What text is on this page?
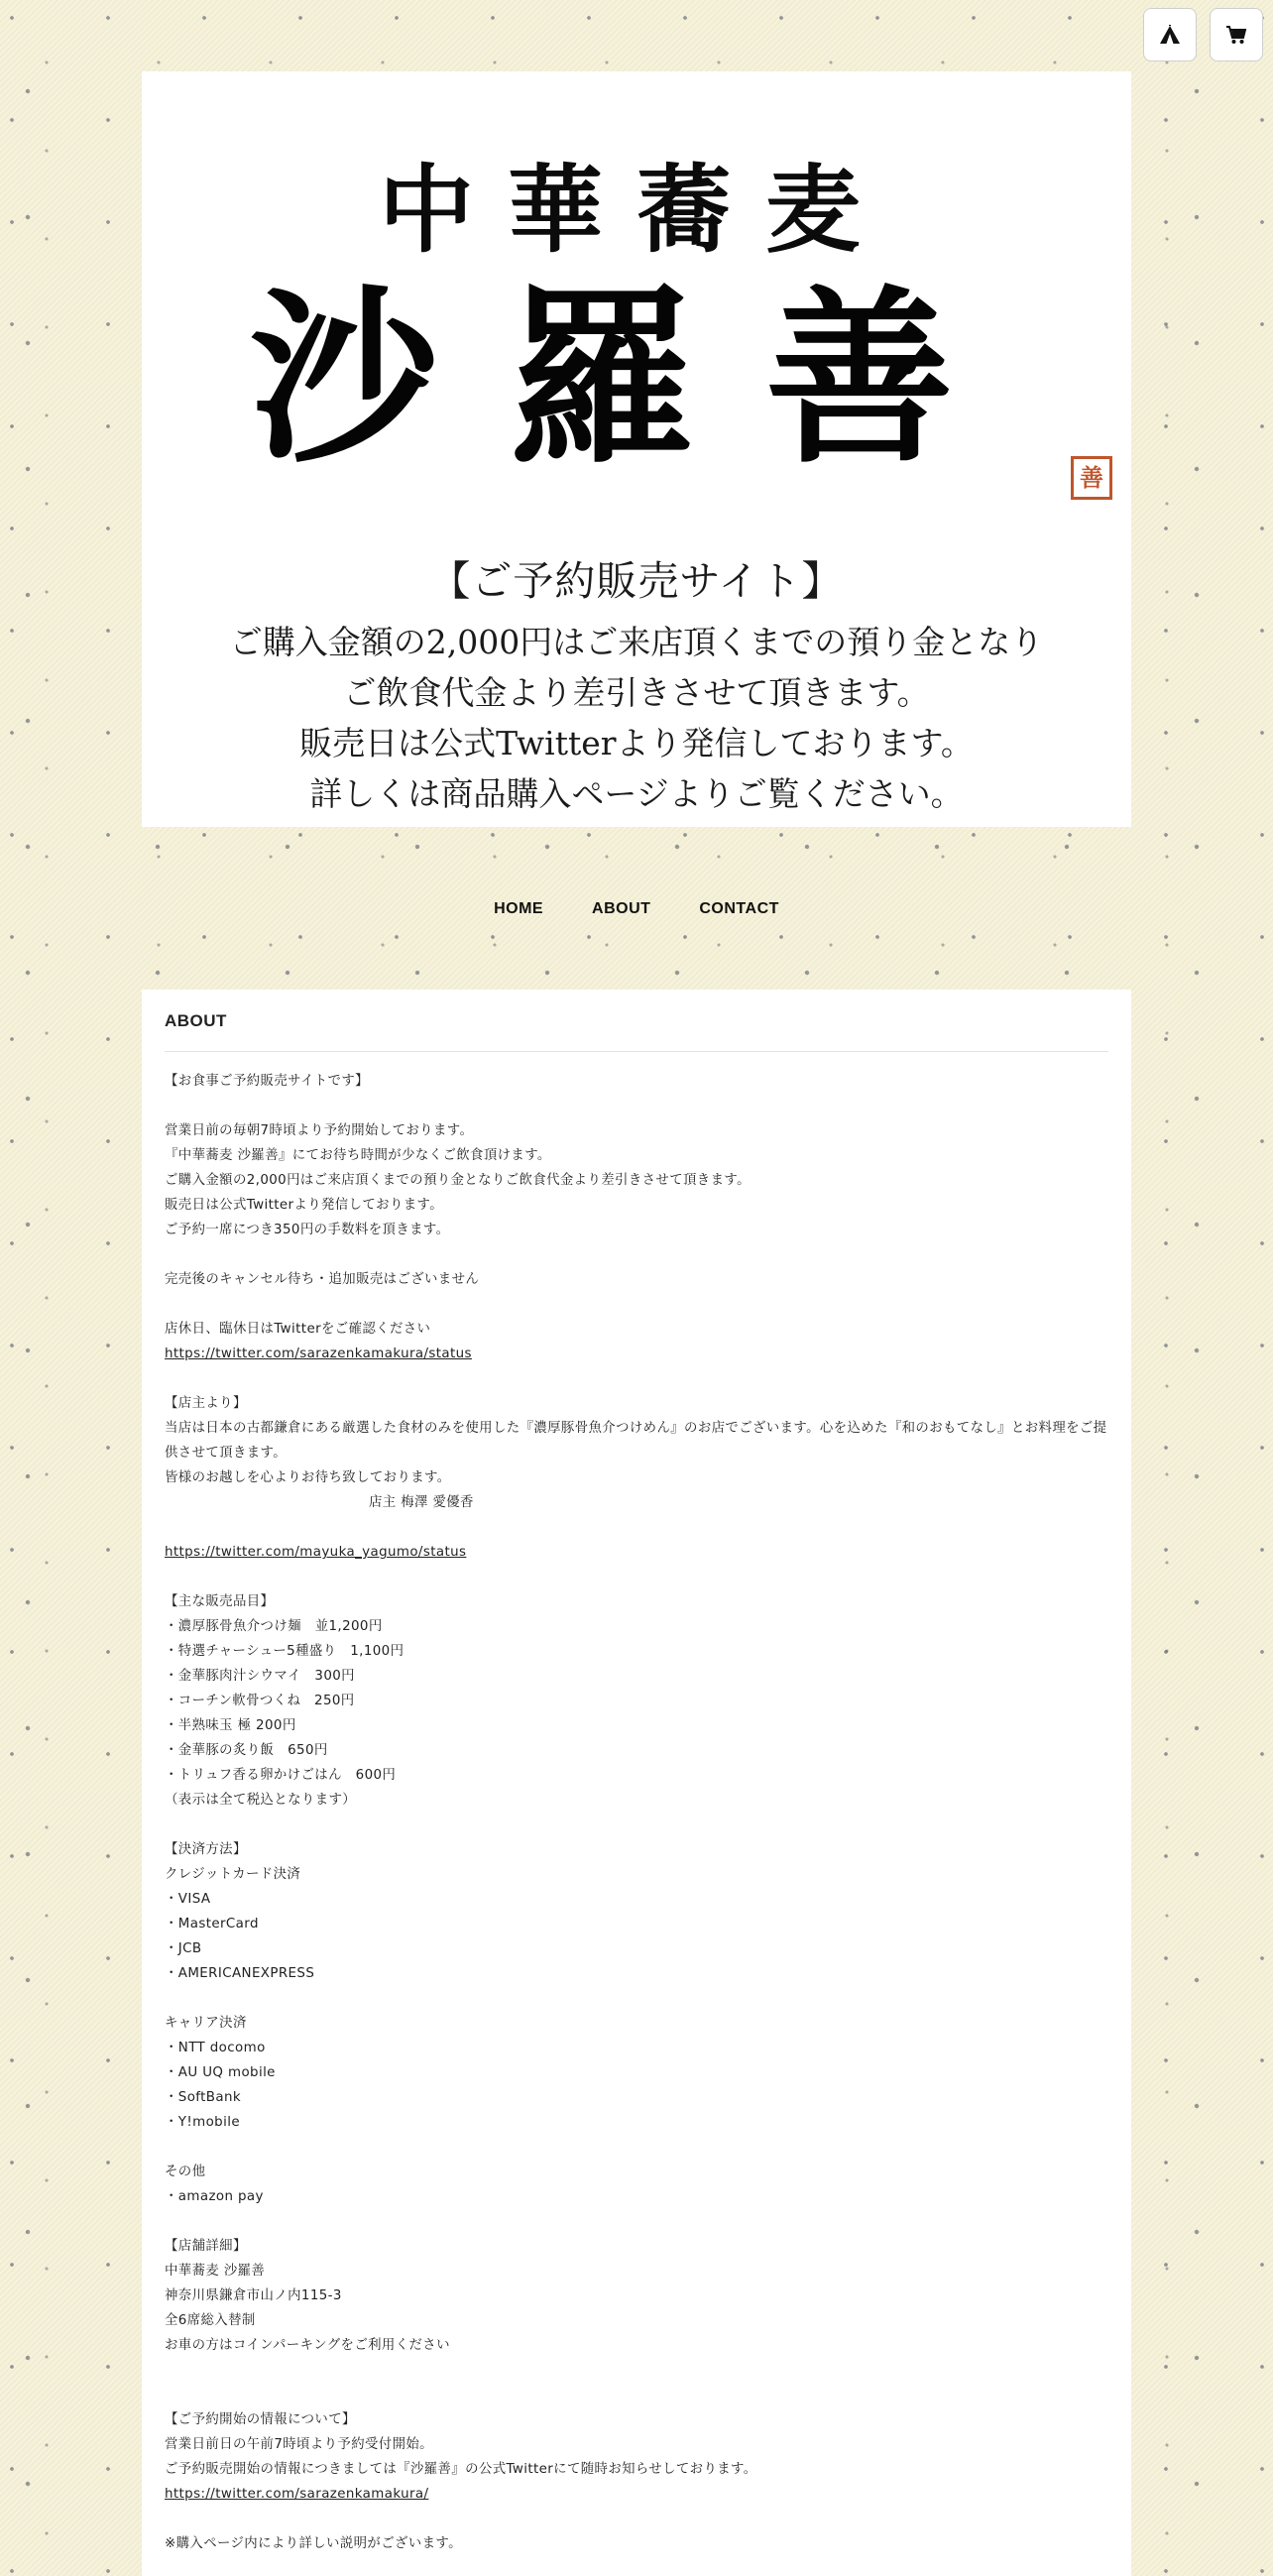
中華蕎麦
沙羅善	善
【ご予約販売サイト】
ご購入金額の2,000円はご来店頂くまでの預り金となり
ご飲食代金より差引きさせて頂きます。
販売日は公式Twitterより発信しております。
詳しくは商品購入ページよりご覧ください。
HOME	ABOUT	CONTACT
ABOUT
【お食事ご予約販売サイトです】
営業日前の毎朝7時頃より予約開始しております。
『中華蕎麦 沙羅善』にてお待ち時間が少なくご飲食頂けます。
ご購入金額の2,000円はご来店頂くまでの預り金となりご飲食代金より差引きさせて頂きます。
販売日は公式Twitterより発信しております。
ご予約一席につき350円の手数料を頂きます。
完売後のキャンセル待ち・追加販売はございません
店休日、臨休日はTwitterをご確認ください
https://twitter.com/sarazenkamakura/status
【店主より】
当店は日本の古都鎌倉にある厳選した食材のみを使用した『濃厚豚骨魚介つけめん』のお店でございます。心を込めた『和のおもてなし』とお料理をご提供させて頂きます。
皆様のお越しを心よりお待ち致しております。
店主 梅澤 愛優香
https://twitter.com/mayuka_yagumo/status
【主な販売品目】
・濃厚豚骨魚介つけ麺　並1,200円
・特選チャーシュー5種盛り　1,100円
・金華豚肉汁シウマイ　300円
・コーチン軟骨つくね　250円
・半熟味玉 極 200円
・金華豚の炙り飯　650円
・トリュフ香る卵かけごはん　600円
（表示は全て税込となります）
【決済方法】
クレジットカード決済
・VISA
・MasterCard
・JCB
・AMERICANEXPRESS
キャリア決済
・NTT docomo
・AU UQ mobile
・SoftBank
・Y!mobile
その他
・amazon pay
【店舗詳細】
中華蕎麦 沙羅善
神奈川県鎌倉市山ノ内115-3
全6席総入替制
お車の方はコインパーキングをご利用ください
【ご予約開始の情報について】
営業日前日の午前7時頃より予約受付開始。
ご予約販売開始の情報につきましては『沙羅善』の公式Twitterにて随時お知らせしております。
https://twitter.com/sarazenkamakura/
※購入ページ内により詳しい説明がございます。
